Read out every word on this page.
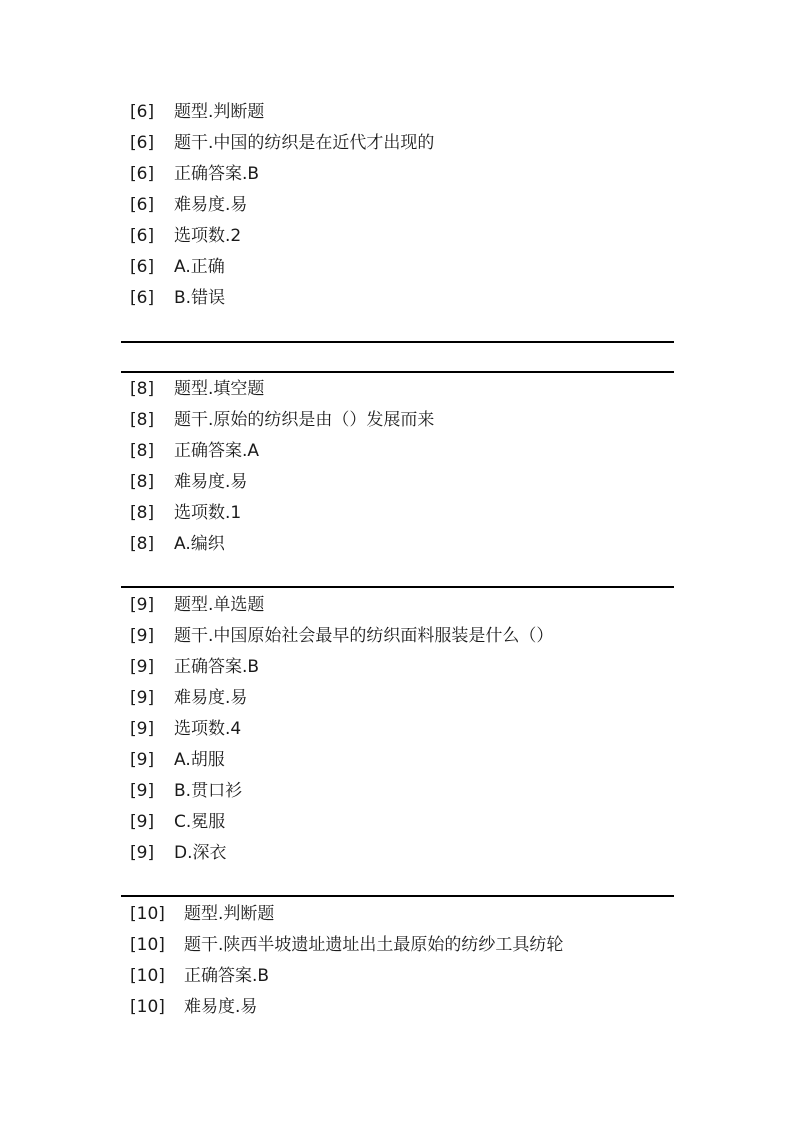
[6] 题型.判断题
[6] 题干.中国的纺织是在近代才出现的
[6] 正确答案.B
[6] 难易度.易
[6] 选项数.2
[6] A.正确
[6] B.错误
[8] 题型.填空题
[8] 题干.原始的纺织是由（）发展而来
[8] 正确答案.A
[8] 难易度.易
[8] 选项数.1
[8] A.编织
[9] 题型.单选题
[9] 题干.中国原始社会最早的纺织面料服装是什么（）
[9] 正确答案.B
[9] 难易度.易
[9] 选项数.4
[9] A.胡服
[9] B.贯口衫
[9] C.冕服
[9] D.深衣
[10] 题型.判断题
[10] 题干.陕西半坡遗址遗址出土最原始的纺纱工具纺轮
[10] 正确答案.B
[10] 难易度.易
